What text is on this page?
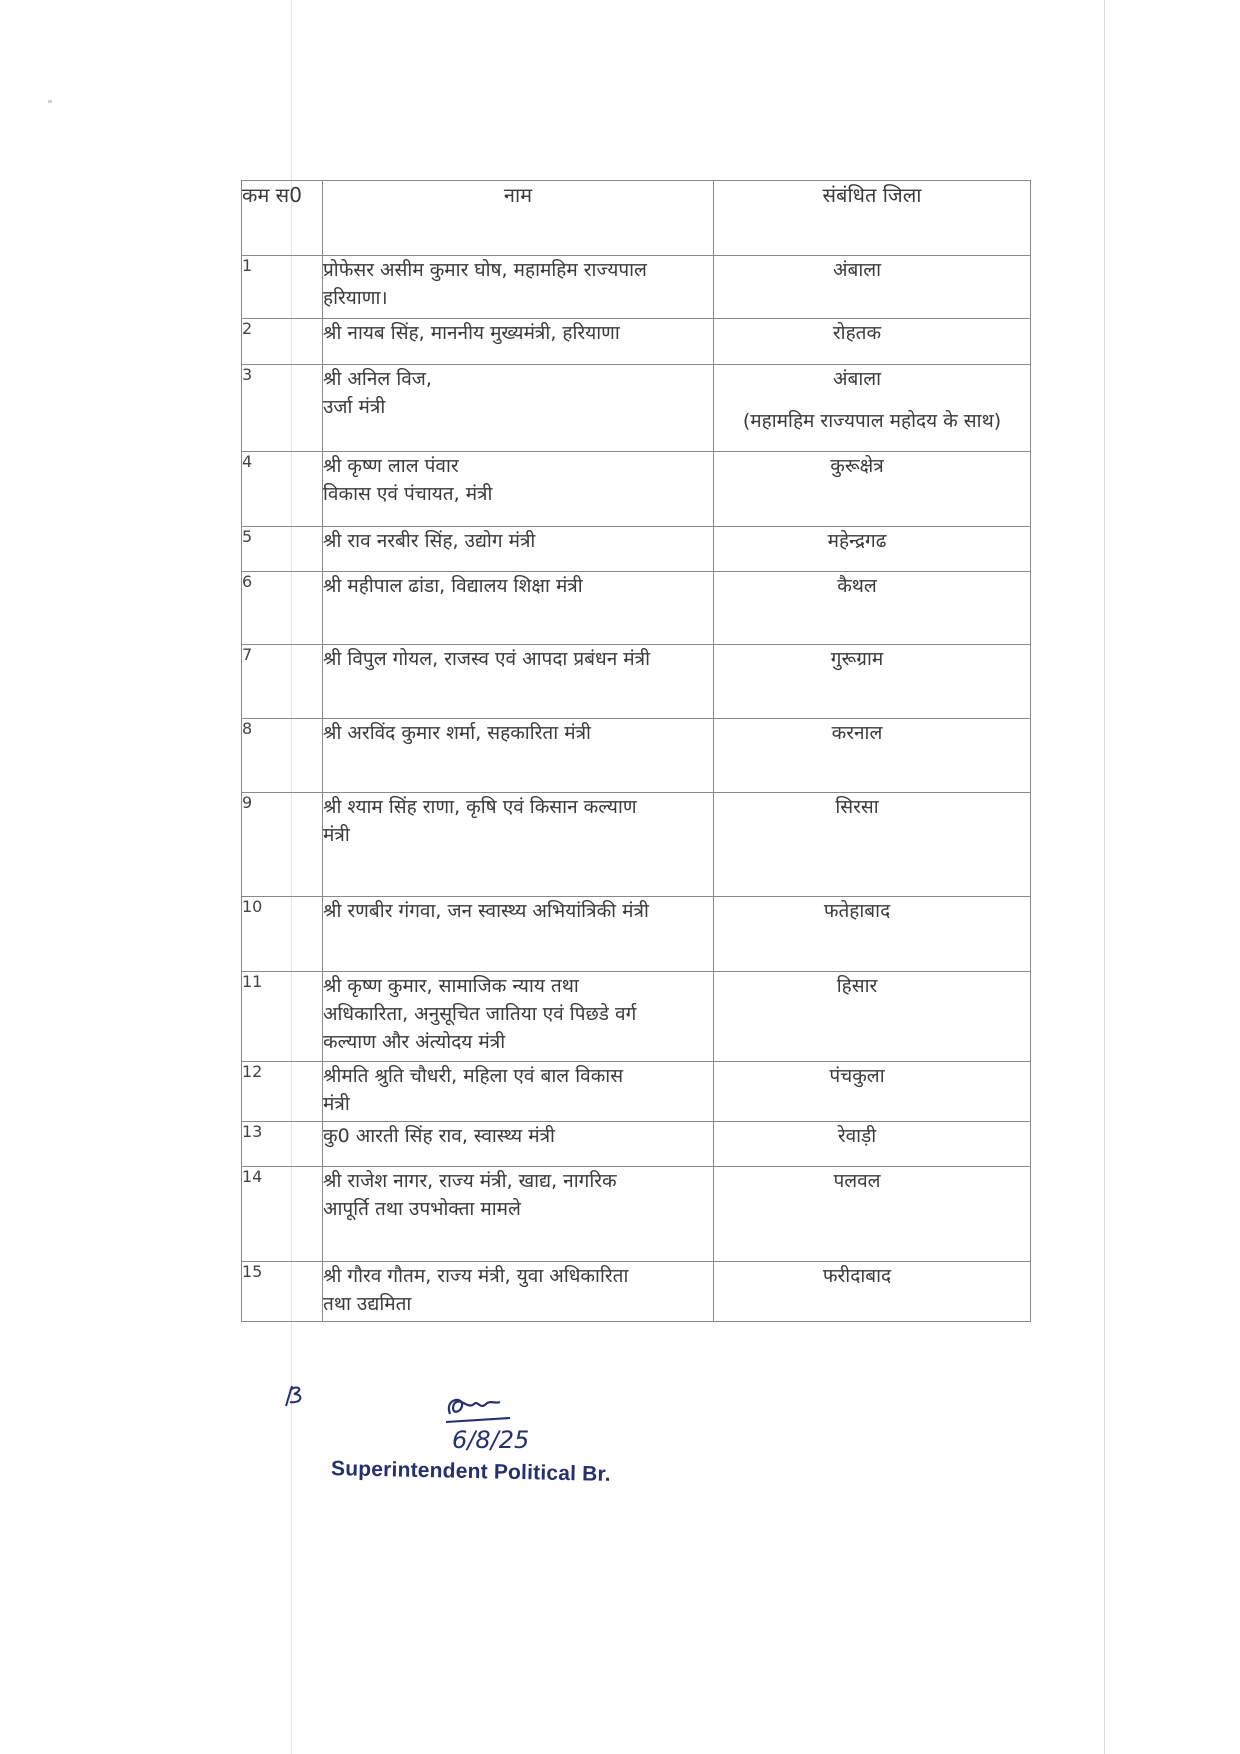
कम स0	नाम	संबंधित जिला
1	प्रोफेसर असीम कुमार घोष, महामहिम राज्यपाल
हरियाणा।	अंबाला

2	श्री नायब सिंह, माननीय मुख्यमंत्री, हरियाणा	रोहतक

3	श्री अनिल विज,
उर्जा मंत्री	अंबाला
(महामहिम राज्यपाल महोदय के साथ)

4	श्री कृष्ण लाल पंवार
विकास एवं पंचायत, मंत्री	कुरूक्षेत्र

5	श्री राव नरबीर सिंह, उद्योग मंत्री	महेन्द्रगढ

6	श्री महीपाल ढांडा, विद्यालय शिक्षा मंत्री	कैथल

7	श्री विपुल गोयल, राजस्व एवं आपदा प्रबंधन मंत्री	गुरूग्राम

8	श्री अरविंद कुमार शर्मा, सहकारिता मंत्री	करनाल

9	श्री श्याम सिंह राणा, कृषि एवं किसान कल्याण
मंत्री	सिरसा

10	श्री रणबीर गंगवा, जन स्वास्थ्य अभियांत्रिकी मंत्री	फतेहाबाद

11	श्री कृष्ण कुमार, सामाजिक न्याय तथा
अधिकारिता, अनुसूचित जातिया एवं पिछडे वर्ग
कल्याण और अंत्योदय मंत्री	हिसार

12	श्रीमति श्रुति चौधरी, महिला एवं बाल विकास
मंत्री	पंचकुला

13	कु0 आरती सिंह राव, स्वास्थ्य मंत्री	रेवाड़ी

14	श्री राजेश नागर, राज्य मंत्री, खाद्य, नागरिक
आपूर्ति तथा उपभोक्ता मामले	पलवल

15	श्री गौरव गौतम, राज्य मंत्री, युवा अधिकारिता
तथा उद्यमिता	फरीदाबाद
6/8/25
Superintendent Political Br.
